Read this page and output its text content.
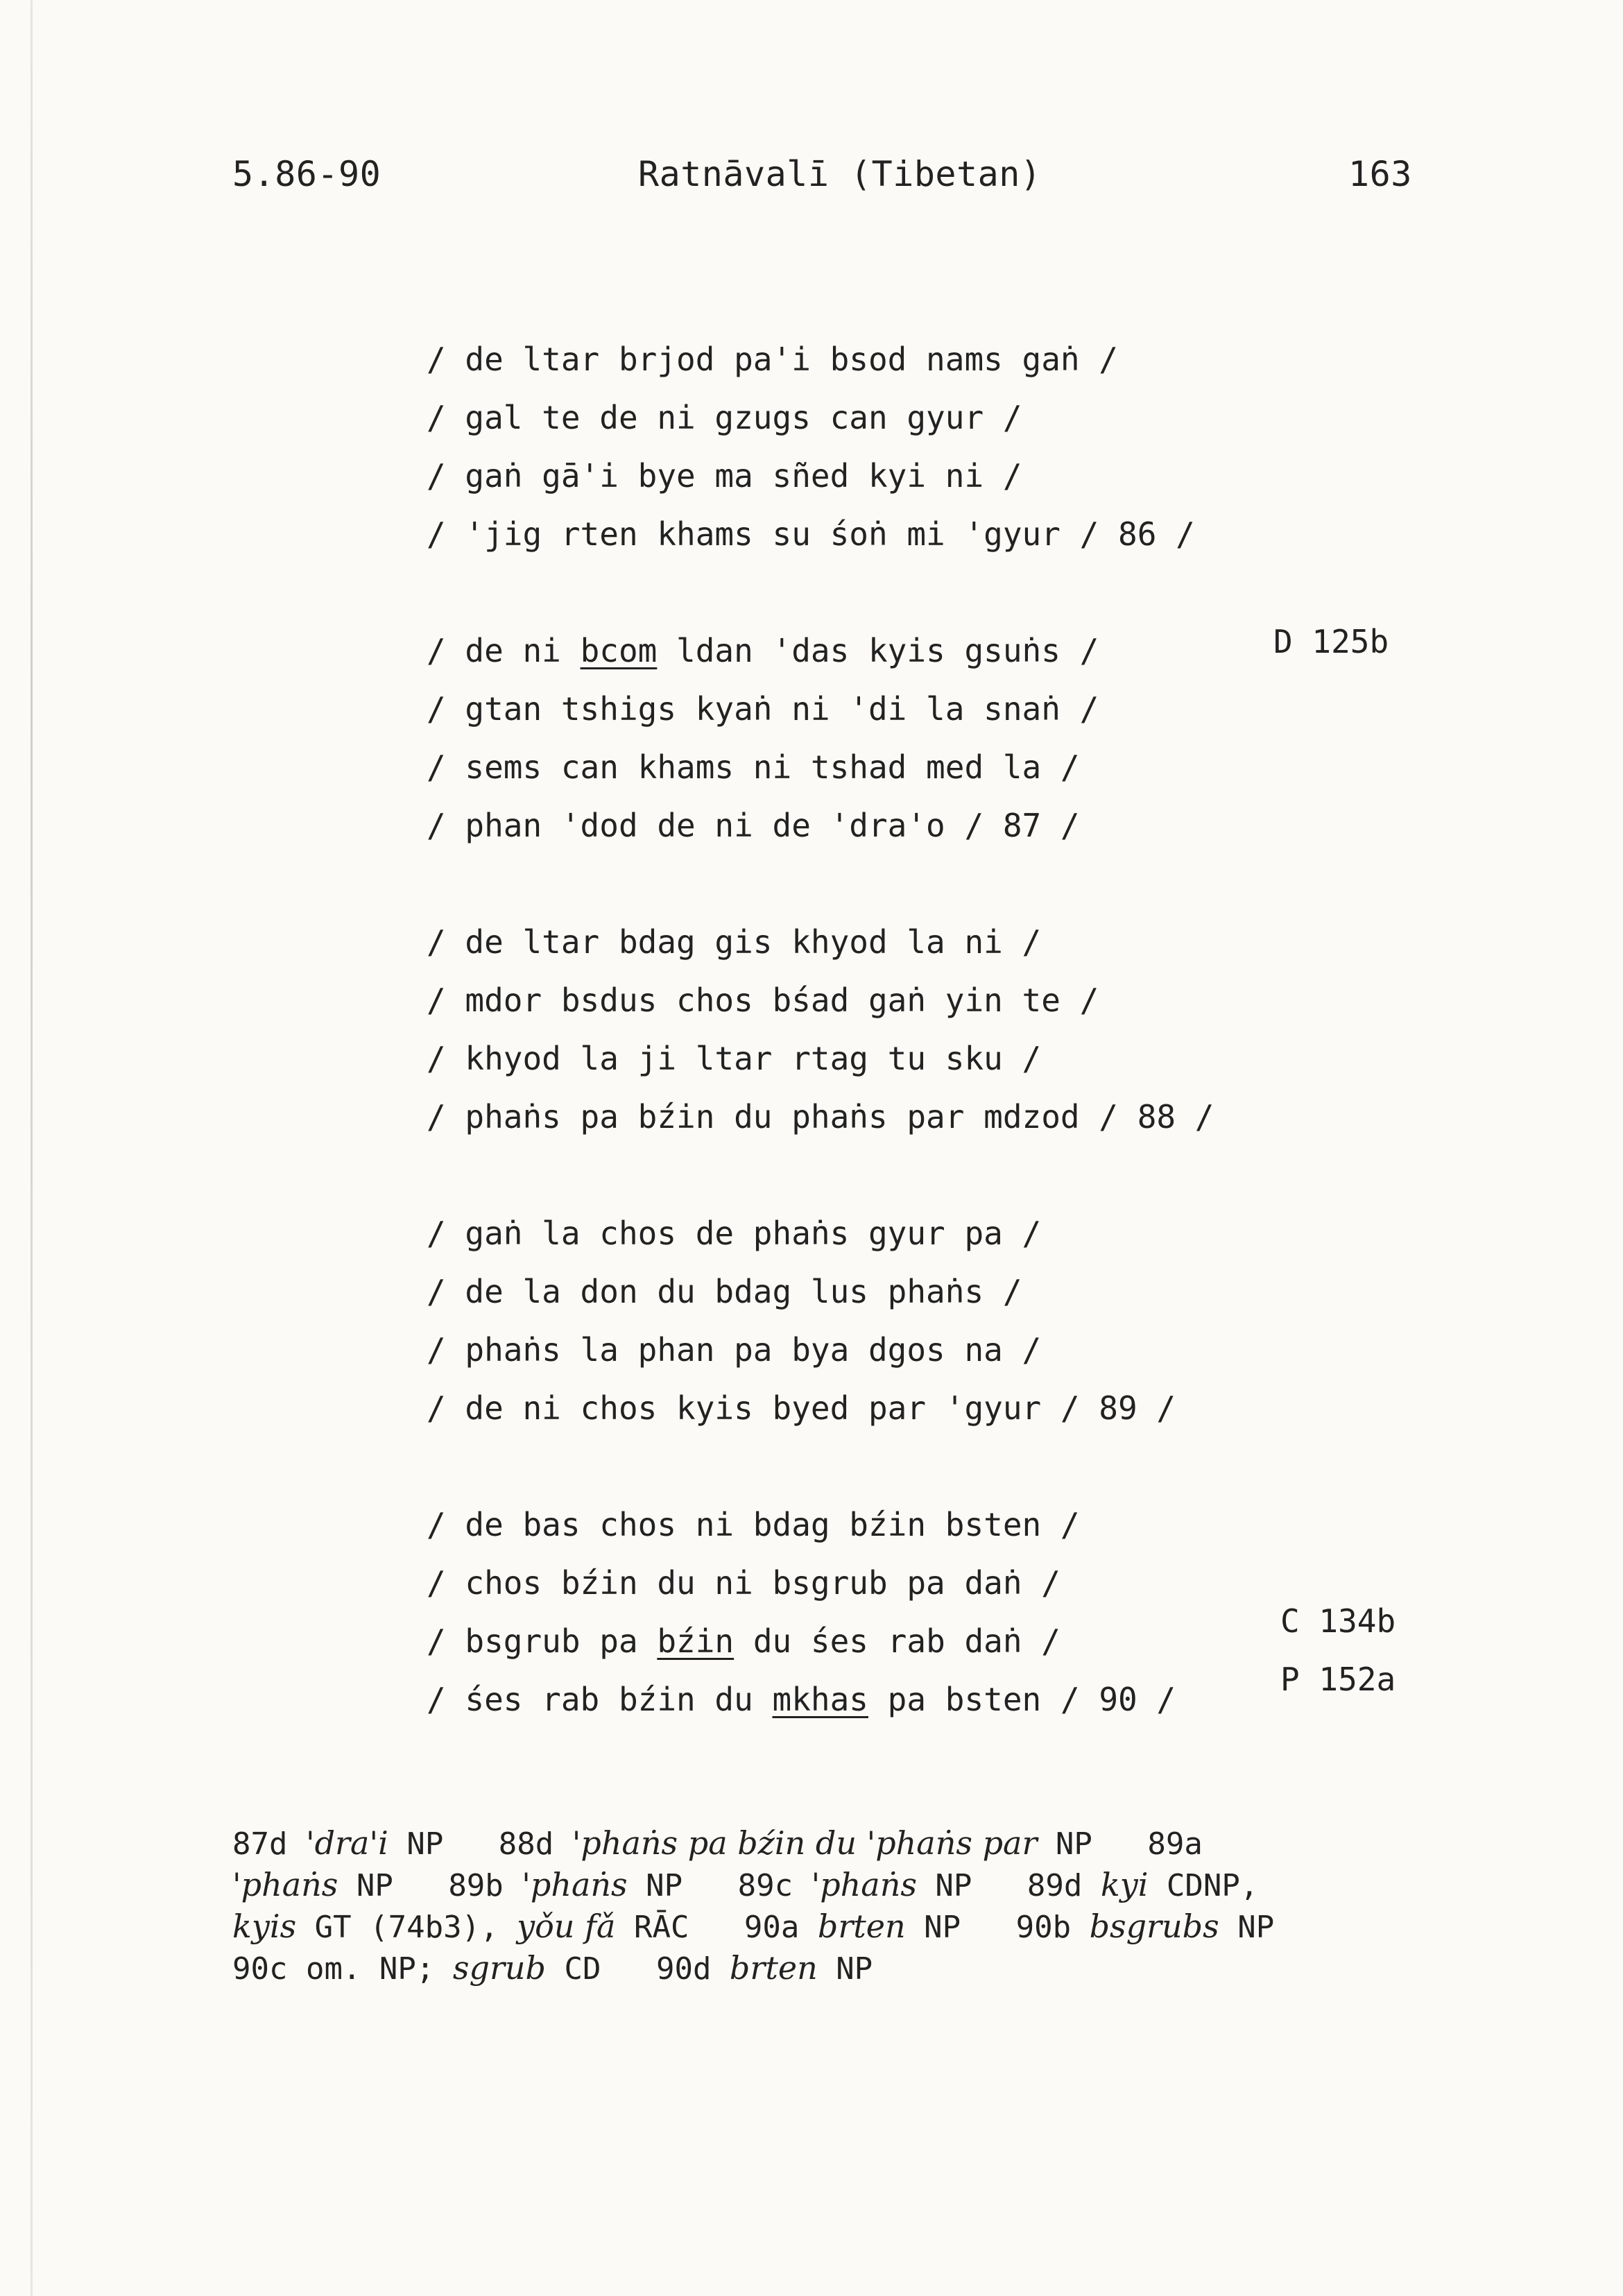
5.86-90	Ratnāvalī (Tibetan)	163
/ de ltar brjod pa'i bsod nams gaṅ /
/ gal te de ni gzugs can gyur /
/ gaṅ gā'i bye ma sñed kyi ni /
/ 'jig rten khams su śoṅ mi 'gyur / 86 /
/ de ni bcom ldan 'das kyis gsuṅs /
/ gtan tshigs kyaṅ ni 'di la snaṅ /
/ sems can khams ni tshad med la /
/ phan 'dod de ni de 'dra'o / 87 /
/ de ltar bdag gis khyod la ni /
/ mdor bsdus chos bśad gaṅ yin te /
/ khyod la ji ltar rtag tu sku /
/ phaṅs pa bźin du phaṅs par mdzod / 88 /
/ gaṅ la chos de phaṅs gyur pa /
/ de la don du bdag lus phaṅs /
/ phaṅs la phan pa bya dgos na /
/ de ni chos kyis byed par 'gyur / 89 /
/ de bas chos ni bdag bźin bsten /
/ chos bźin du ni bsgrub pa daṅ /
/ bsgrub pa bźin du śes rab daṅ /
/ śes rab bźin du mkhas pa bsten / 90 /
D 125b
C 134b
P 152a
87d 'dra'i NP   88d 'phaṅs pa bźin du 'phaṅs par NP   89a
'phaṅs NP   89b 'phaṅs NP   89c 'phaṅs NP   89d kyi CDNP,
kyis GT (74b3), yǒu fǎ RĀC   90a brten NP   90b bsgrubs NP
90c om. NP; sgrub CD   90d brten NP
